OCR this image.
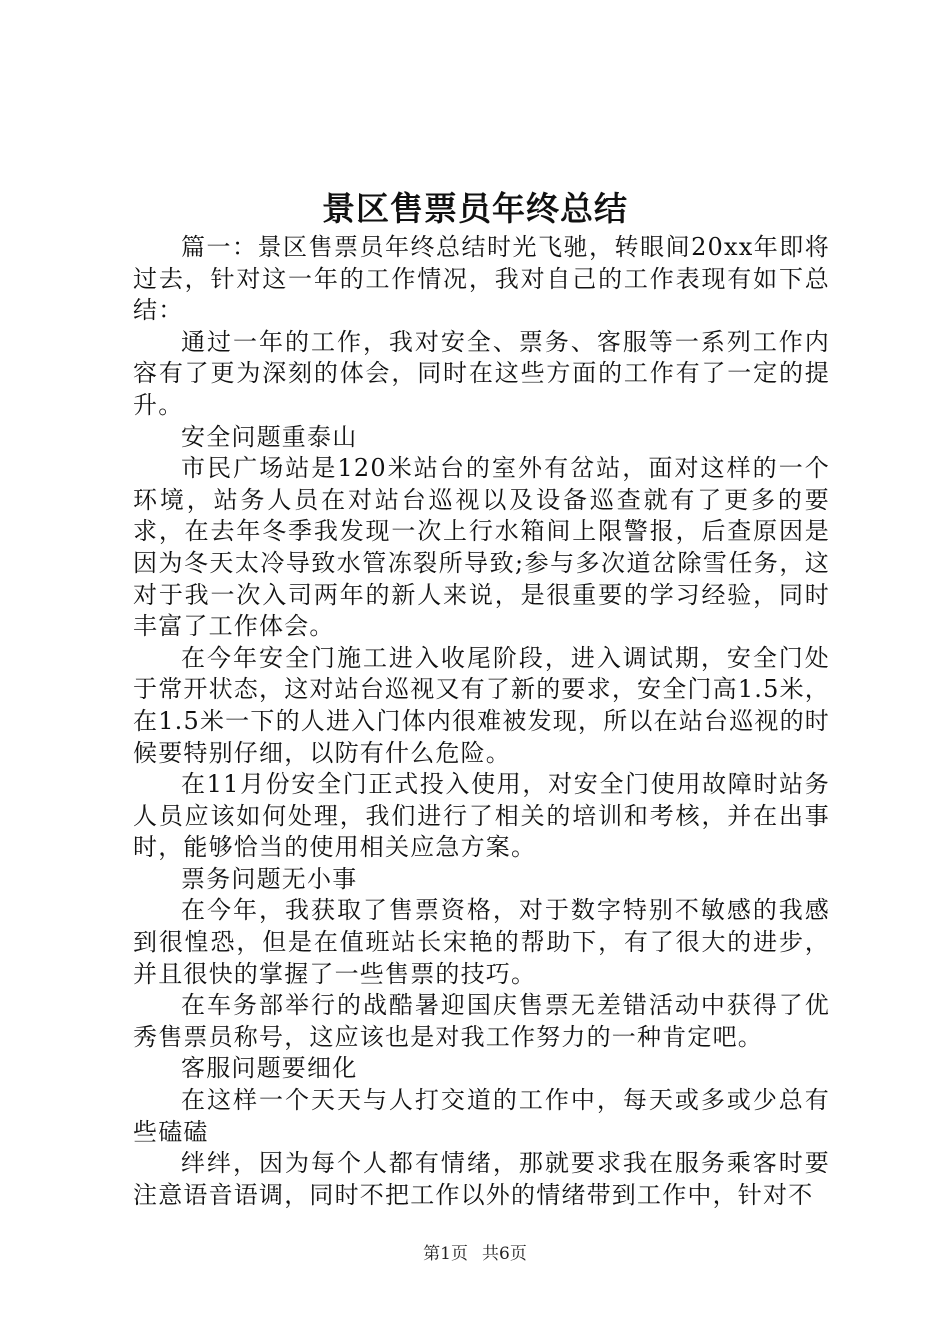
景区售票员年终总结

篇一：景区售票员年终总结时光飞驰，转眼间20xx年即将过去，针对这一年的工作情况，我对自己的工作表现有如下总结：

通过一年的工作，我对安全、票务、客服等一系列工作内容有了更为深刻的体会，同时在这些方面的工作有了一定的提升。

安全问题重泰山

市民广场站是120米站台的室外有岔站，面对这样的一个环境，站务人员在对站台巡视以及设备巡查就有了更多的要求，在去年冬季我发现一次上行水箱间上限警报，后查原因是因为冬天太冷导致水管冻裂所导致;参与多次道岔除雪任务，这对于我一次入司两年的新人来说，是很重要的学习经验，同时丰富了工作体会。

在今年安全门施工进入收尾阶段，进入调试期，安全门处于常开状态，这对站台巡视又有了新的要求，安全门高1.5米，在1.5米一下的人进入门体内很难被发现，所以在站台巡视的时候要特别仔细，以防有什么危险。

在11月份安全门正式投入使用，对安全门使用故障时站务人员应该如何处理，我们进行了相关的培训和考核，并在出事时，能够恰当的使用相关应急方案。

票务问题无小事

在今年，我获取了售票资格，对于数字特别不敏感的我感到很惶恐，但是在值班站长宋艳的帮助下，有了很大的进步，并且很快的掌握了一些售票的技巧。

在车务部举行的战酷暑迎国庆售票无差错活动中获得了优秀售票员称号，这应该也是对我工作努力的一种肯定吧。

客服问题要细化

在这样一个天天与人打交道的工作中，每天或多或少总有些磕磕

绊绊，因为每个人都有情绪，那就要求我在服务乘客时要注意语音语调，同时不把工作以外的情绪带到工作中，针对不

第1页 共6页
